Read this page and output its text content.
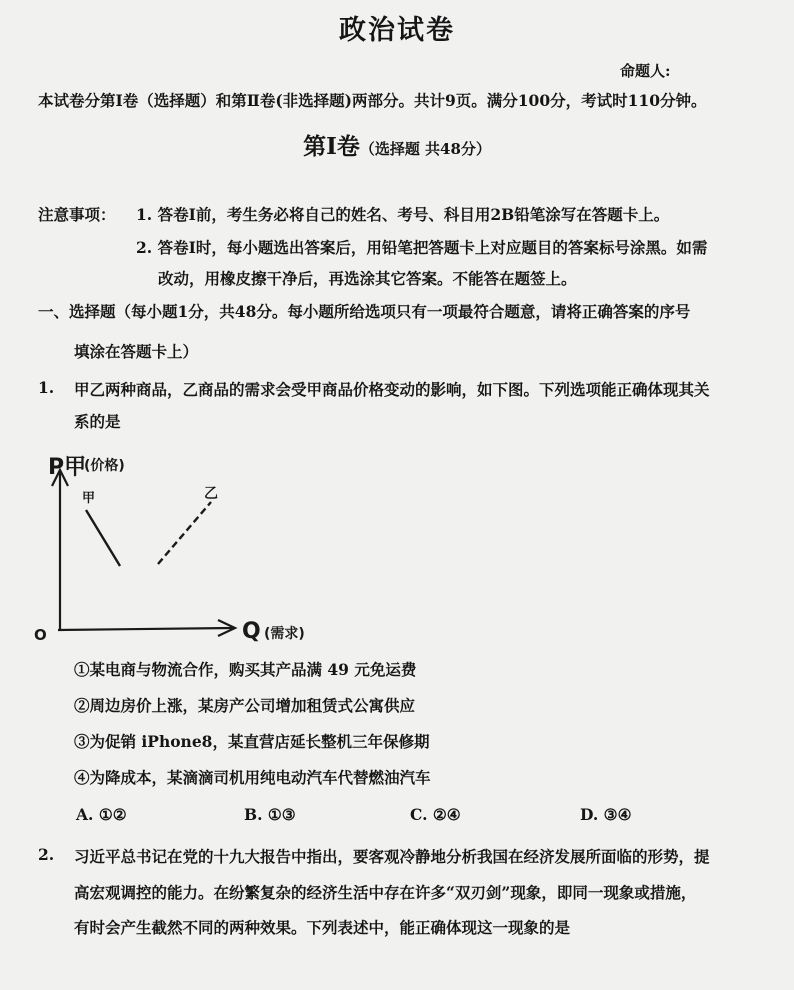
政治试卷
命题人:
本试卷分第Ⅰ卷（选择题）和第Ⅱ卷(非选择题)两部分。共计9页。满分100分，考试时110分钟。
第Ⅰ卷（选择题 共48分）
注意事项： 1. 答卷Ⅰ前，考生务必将自己的姓名、考号、科目用2B铅笔涂写在答题卡上。
2. 答卷Ⅰ时，每小题选出答案后，用铅笔把答题卡上对应题目的答案标号涂黑。如需
改动，用橡皮擦干净后，再选涂其它答案。不能答在题签上。
一、选择题（每小题1分，共48分。每小题所给选项只有一项最符合题意，请将正确答案的序号
填涂在答题卡上）
1. 甲乙两种商品，乙商品的需求会受甲商品价格变动的影响，如下图。下列选项能正确体现其关
系的是
P甲
(价格)
Q (需求)
O
甲	乙
①某电商与物流合作，购买其产品满 49 元免运费
②周边房价上涨，某房产公司增加租赁式公寓供应
③为促销 iPhone8，某直营店延长整机三年保修期
④为降成本，某滴滴司机用纯电动汽车代替燃油汽车
A. ①②	B. ①③	C. ②④	D. ③④
2. 习近平总书记在党的十九大报告中指出，要客观冷静地分析我国在经济发展所面临的形势，提
高宏观调控的能力。在纷繁复杂的经济生活中存在许多“双刃剑”现象，即同一现象或措施，
有时会产生截然不同的两种效果。下列表述中，能正确体现这一现象的是
